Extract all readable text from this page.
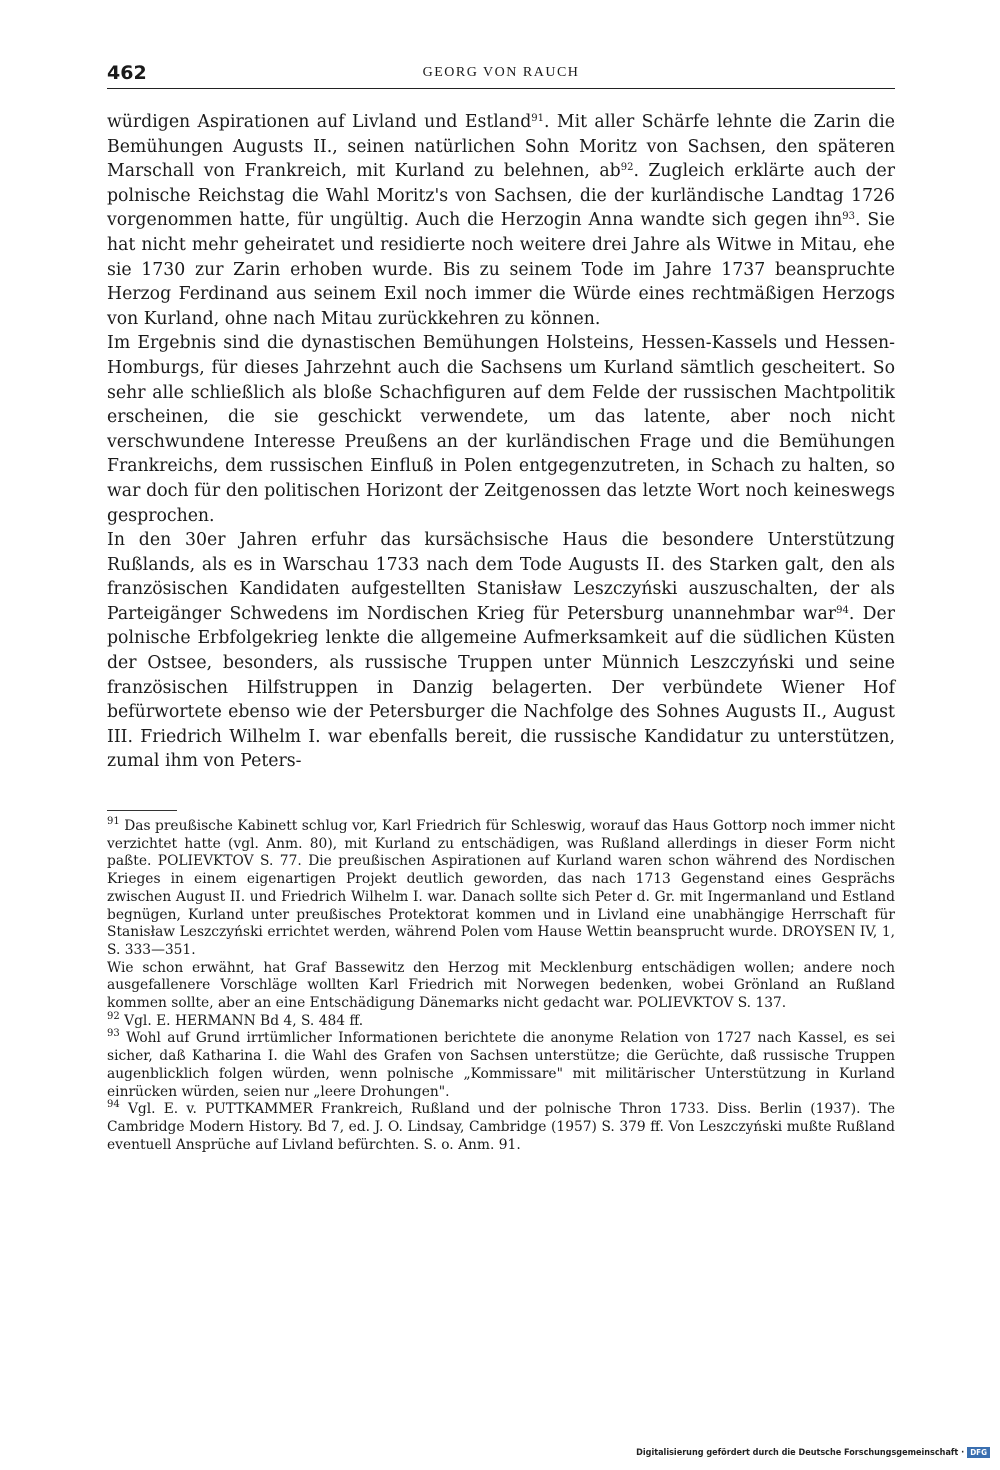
462	GEORG VON RAUCH

würdigen Aspirationen auf Livland und Estland$^{91}$. Mit aller Schärfe lehnte die Zarin die Bemühungen Augusts II., seinen natürlichen Sohn Moritz von Sachsen, den späteren Marschall von Frankreich, mit Kurland zu belehnen, $ab^{92}$. Zugleich erklärte auch der polnische Reichstag die Wahl Moritz's von Sachsen, die der kurländische Landtag 1726 vorgenommen hatte, für ungültig. Auch die Herzogin Anna wandte sich gegen ihn$^{93}$. Sie hat nicht mehr geheiratet und residierte noch weitere drei Jahre als Witwe in Mitau, ehe sie 1730 zur Zarin erhoben wurde. Bis zu seinem Tode im Jahre 1737 beanspruchte Herzog Ferdinand aus seinem Exil noch immer die Würde eines rechtmäßigen Herzogs von Kurland, ohne nach Mitau zurückkehren zu können.

Im Ergebnis sind die dynastischen Bemühungen Holsteins, Hessen-Kassels und Hessen-Homburgs, für dieses Jahrzehnt auch die Sachsens um Kurland sämtlich gescheitert. So sehr alle schließlich als bloße Schachfiguren auf dem Felde der russischen Machtpolitik erscheinen, die sie geschickt verwendete, um das latente, aber noch nicht verschwundene Interesse Preußens an der kurländischen Frage und die Bemühungen Frankreichs, dem russischen Einfluß in Polen entgegenzutreten, in Schach zu halten, so war doch für den politischen Horizont der Zeitgenossen das letzte Wort noch keineswegs gesprochen.

In den 30er Jahren erfuhr das kursächsische Haus die besondere Unterstützung Rußlands, als es in Warschau 1733 nach dem Tode Augusts II. des Starken galt, den als französischen Kandidaten aufgestellten Stanisław Leszczyński auszuschalten, der als Parteigänger Schwedens im Nordischen Krieg für Petersburg unannehmbar war$^{94}$. Der polnische Erbfolgekrieg lenkte die allgemeine Aufmerksamkeit auf die südlichen Küsten der Ostsee, besonders, als russische Truppen unter Münnich Leszczyński und seine französischen Hilfstruppen in Danzig belagerten. Der verbündete Wiener Hof befürwortete ebenso wie der Petersburger die Nachfolge des Sohnes Augusts II., August III. Friedrich Wilhelm I. war ebenfalls bereit, die russische Kandidatur zu unterstützen, zumal ihm von Peters-

$^{91}$ Das preußische Kabinett schlug vor, Karl Friedrich für Schleswig, worauf das Haus Gottorp noch immer nicht verzichtet hatte (vgl. Anm. 80), mit Kurland zu entschädigen, was Rußland allerdings in dieser Form nicht paßte. POLIEVKTOV S. 77. Die preußischen Aspirationen auf Kurland waren schon während des Nordischen Krieges in einem eigenartigen Projekt deutlich geworden, das nach 1713 Gegenstand eines Gesprächs zwischen August II. und Friedrich Wilhelm I. war. Danach sollte sich Peter d. Gr. mit Ingermanland und Estland begnügen, Kurland unter preußisches Protektorat kommen und in Livland eine unabhängige Herrschaft für Stanisław Leszczyński errichtet werden, während Polen vom Hause Wettin beansprucht wurde. DROYSEN IV, 1, S. 333—351.

Wie schon erwähnt, hat Graf Bassewitz den Herzog mit Mecklenburg entschädigen wollen; andere noch ausgefallenere Vorschläge wollten Karl Friedrich mit Norwegen bedenken, wobei Grönland an Rußland kommen sollte, aber an eine Entschädigung Dänemarks nicht gedacht war. POLIEVKTOV S. 137.

$^{92}$ Vgl. E. HERMANN Bd 4, S. 484 ff.

$^{93}$ Wohl auf Grund irrtümlicher Informationen berichtete die anonyme Relation von 1727 nach Kassel, es sei sicher, daß Katharina I. die Wahl des Grafen von Sachsen unterstütze; die Gerüchte, daß russische Truppen augenblicklich folgen würden, wenn polnische „Kommissare" mit militärischer Unterstützung in Kurland einrücken würden, seien nur „leere Drohungen".

$^{94}$ Vgl. E. v. PUTTKAMMER Frankreich, Rußland und der polnische Thron 1733. Diss. Berlin (1937). The Cambridge Modern History. Bd 7, ed. J. O. Lindsay, Cambridge (1957) S. 379 ff. Von Leszczyński mußte Rußland eventuell Ansprüche auf Livland befürchten. S. o. Anm. 91.

Digitalisierung gefördert durch die Deutsche Forschungsgemeinschaft · DFG
